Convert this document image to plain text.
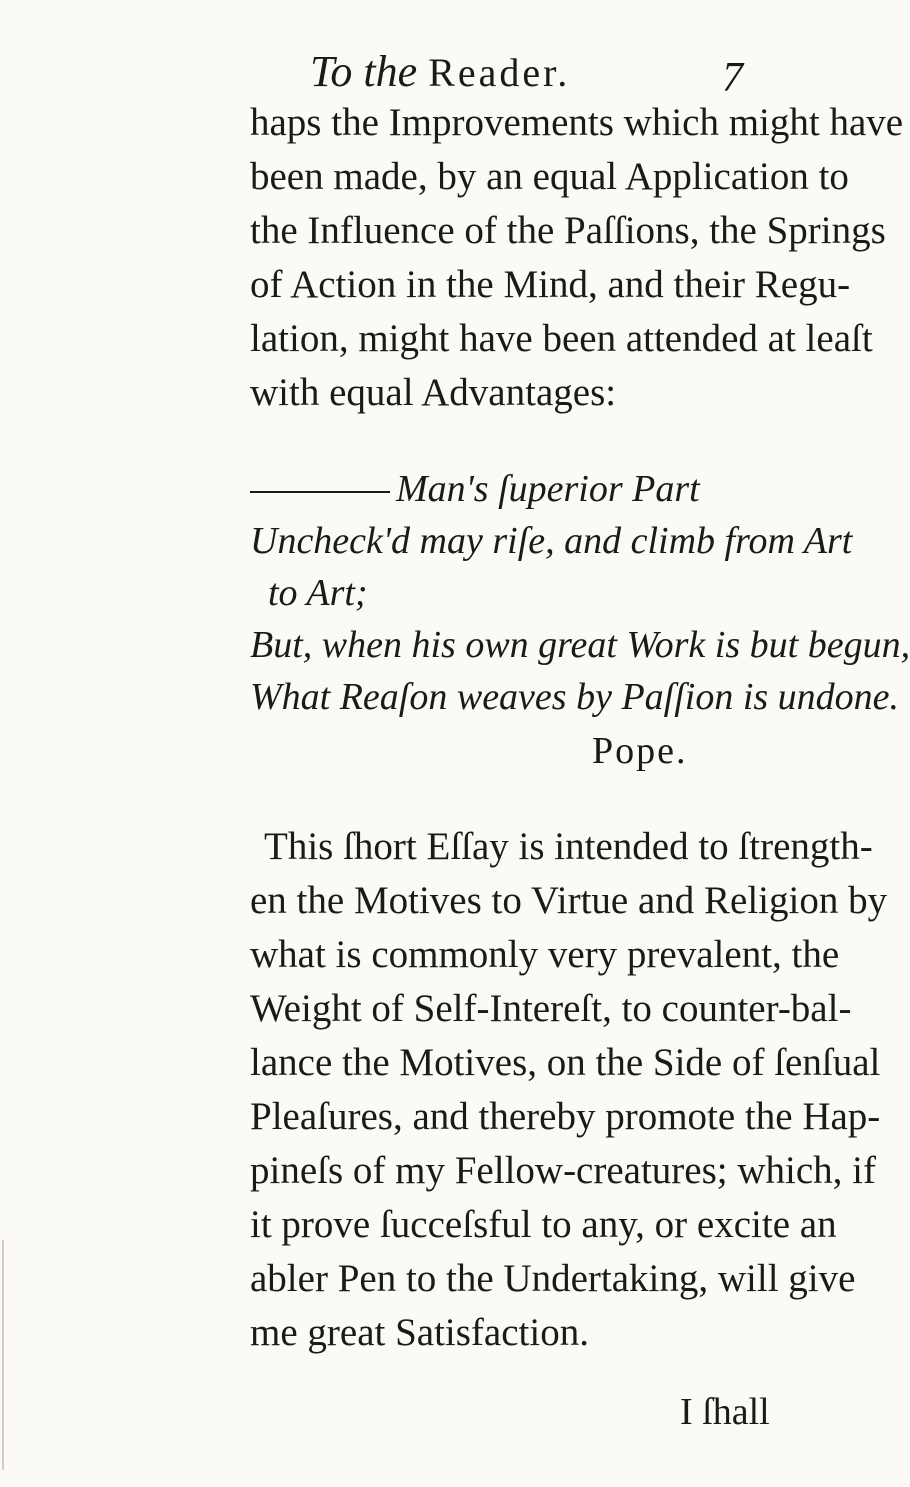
To the Reader.	7
haps the Improvements which might have
been made, by an equal Application to
the Influence of the Paſſions, the Springs
of Action in the Mind, and their Regu-
lation, might have been attended at leaſt
with equal Advantages:
Man's ſuperior Part
Uncheck'd may riſe, and climb from Art
to Art;
But, when his own great Work is but begun,
What Reaſon weaves by Paſſion is undone.
Pope.
This ſhort Eſſay is intended to ſtrength-
en the Motives to Virtue and Religion by
what is commonly very prevalent, the
Weight of Self-Intereſt, to counter-bal-
lance the Motives, on the Side of ſenſual
Pleaſures, and thereby promote the Hap-
pineſs of my Fellow-creatures; which, if
it prove ſucceſsful to any, or excite an
abler Pen to the Undertaking, will give
me great Satisfaction.
I ſhall
